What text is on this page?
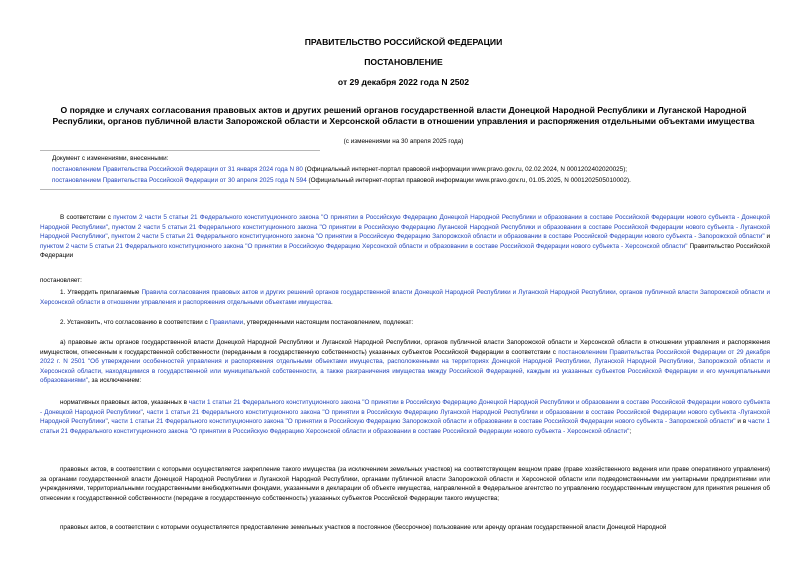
ПРАВИТЕЛЬСТВО РОССИЙСКОЙ ФЕДЕРАЦИИ
ПОСТАНОВЛЕНИЕ
от 29 декабря 2022 года N 2502
О порядке и случаях согласования правовых актов и других решений органов государственной власти Донецкой Народной Республики и Луганской Народной
Республики, органов публичной власти Запорожской области и Херсонской области в отношении управления и распоряжения отдельными объектами имущества
(с изменениями на 30 апреля 2025 года)
Документ с изменениями, внесенными:
постановлением Правительства Российской Федерации от 31 января 2024 года N 80 (Официальный интернет-портал правовой информации www.pravo.gov.ru, 02.02.2024, N 0001202402020025);
постановлением Правительства Российской Федерации от 30 апреля 2025 года N 594 (Официальный интернет-портал правовой информации www.pravo.gov.ru, 01.05.2025, N 0001202505010002).

В соответствии с пунктом 2 части 5 статьи 21 Федерального конституционного закона "О принятии в Российскую Федерацию Донецкой Народной Республики и образовании в составе Российской Федерации нового субъекта - Донецкой Народной Республики", пунктом 2 части 5 статьи 21 Федерального конституционного закона "О принятии в Российскую Федерацию Луганской Народной Республики и образовании в составе Российской Федерации нового субъекта - Луганской Народной Республики", пунктом 2 части 5 статьи 21 Федерального конституционного закона "О принятии в Российскую Федерацию Запорожской области и образовании в составе Российской Федерации нового субъекта - Запорожской области" и пунктом 2 части 5 статьи 21 Федерального конституционного закона "О принятии в Российскую Федерацию Херсонской области и образовании в составе Российской Федерации нового субъекта - Херсонской области" Правительство Российской Федерации

постановляет:

1. Утвердить прилагаемые Правила согласования правовых актов и других решений органов государственной власти Донецкой Народной Республики и Луганской Народной Республики, органов публичной власти Запорожской области и Херсонской области в отношении управления и распоряжения отдельными объектами имущества.

2. Установить, что согласованию в соответствии с Правилами, утвержденными настоящим постановлением, подлежат:

а) правовые акты органов государственной власти Донецкой Народной Республики и Луганской Народной Республики, органов публичной власти Запорожской области и Херсонской области в отношении управления и распоряжения имуществом, отнесенным к государственной собственности (переданным в государственную собственность) указанных субъектов Российской Федерации в соответствии с постановлением Правительства Российской Федерации от 29 декабря 2022 г. N 2501 "Об утверждении особенностей управления и распоряжения отдельными объектами имущества, расположенными на территориях Донецкой Народной Республики, Луганской Народной Республики, Запорожской области и Херсонской области, находящимися в государственной или муниципальной собственности, а также разграничения имущества между Российской Федерацией, каждым из указанных субъектов Российской Федерации и его муниципальными образованиями", за исключением:

нормативных правовых актов, указанных в части 1 статьи 21 Федерального конституционного закона "О принятии в Российскую Федерацию Донецкой Народной Республики и образовании в составе Российской Федерации нового субъекта - Донецкой Народной Республики", части 1 статьи 21 Федерального конституционного закона "О принятии в Российскую Федерацию Луганской Народной Республики и образовании в составе Российской Федерации нового субъекта -Луганской Народной Республики", части 1 статьи 21 Федерального конституционного закона "О принятии в Российскую Федерацию Запорожской области и образовании в составе Российской Федерации нового субъекта - Запорожской области" и в части 1 статьи 21 Федерального конституционного закона "О принятии в Российскую Федерацию Херсонской области и образовании в составе Российской Федерации нового субъекта - Херсонской области";

правовых актов, в соответствии с которыми осуществляется закрепление такого имущества (за исключением земельных участков) на соответствующем вещном праве (праве хозяйственного ведения или праве оперативного управления) за органами государственной власти Донецкой Народной Республики и Луганской Народной Республики, органами публичной власти Запорожской области и Херсонской области или подведомственными им унитарными предприятиями или учреждениями, территориальными государственными внебюджетными фондами, указанными в декларации об объекте имущества, направленной в Федеральное агентство по управлению государственным имуществом для принятия решения об отнесении к государственной собственности (передаче в государственную собственность) указанных субъектов Российской Федерации такого имущества;

правовых актов, в соответствии с которыми осуществляется предоставление земельных участков в постоянное (бессрочное) пользование или аренду органам государственной власти Донецкой Народной
